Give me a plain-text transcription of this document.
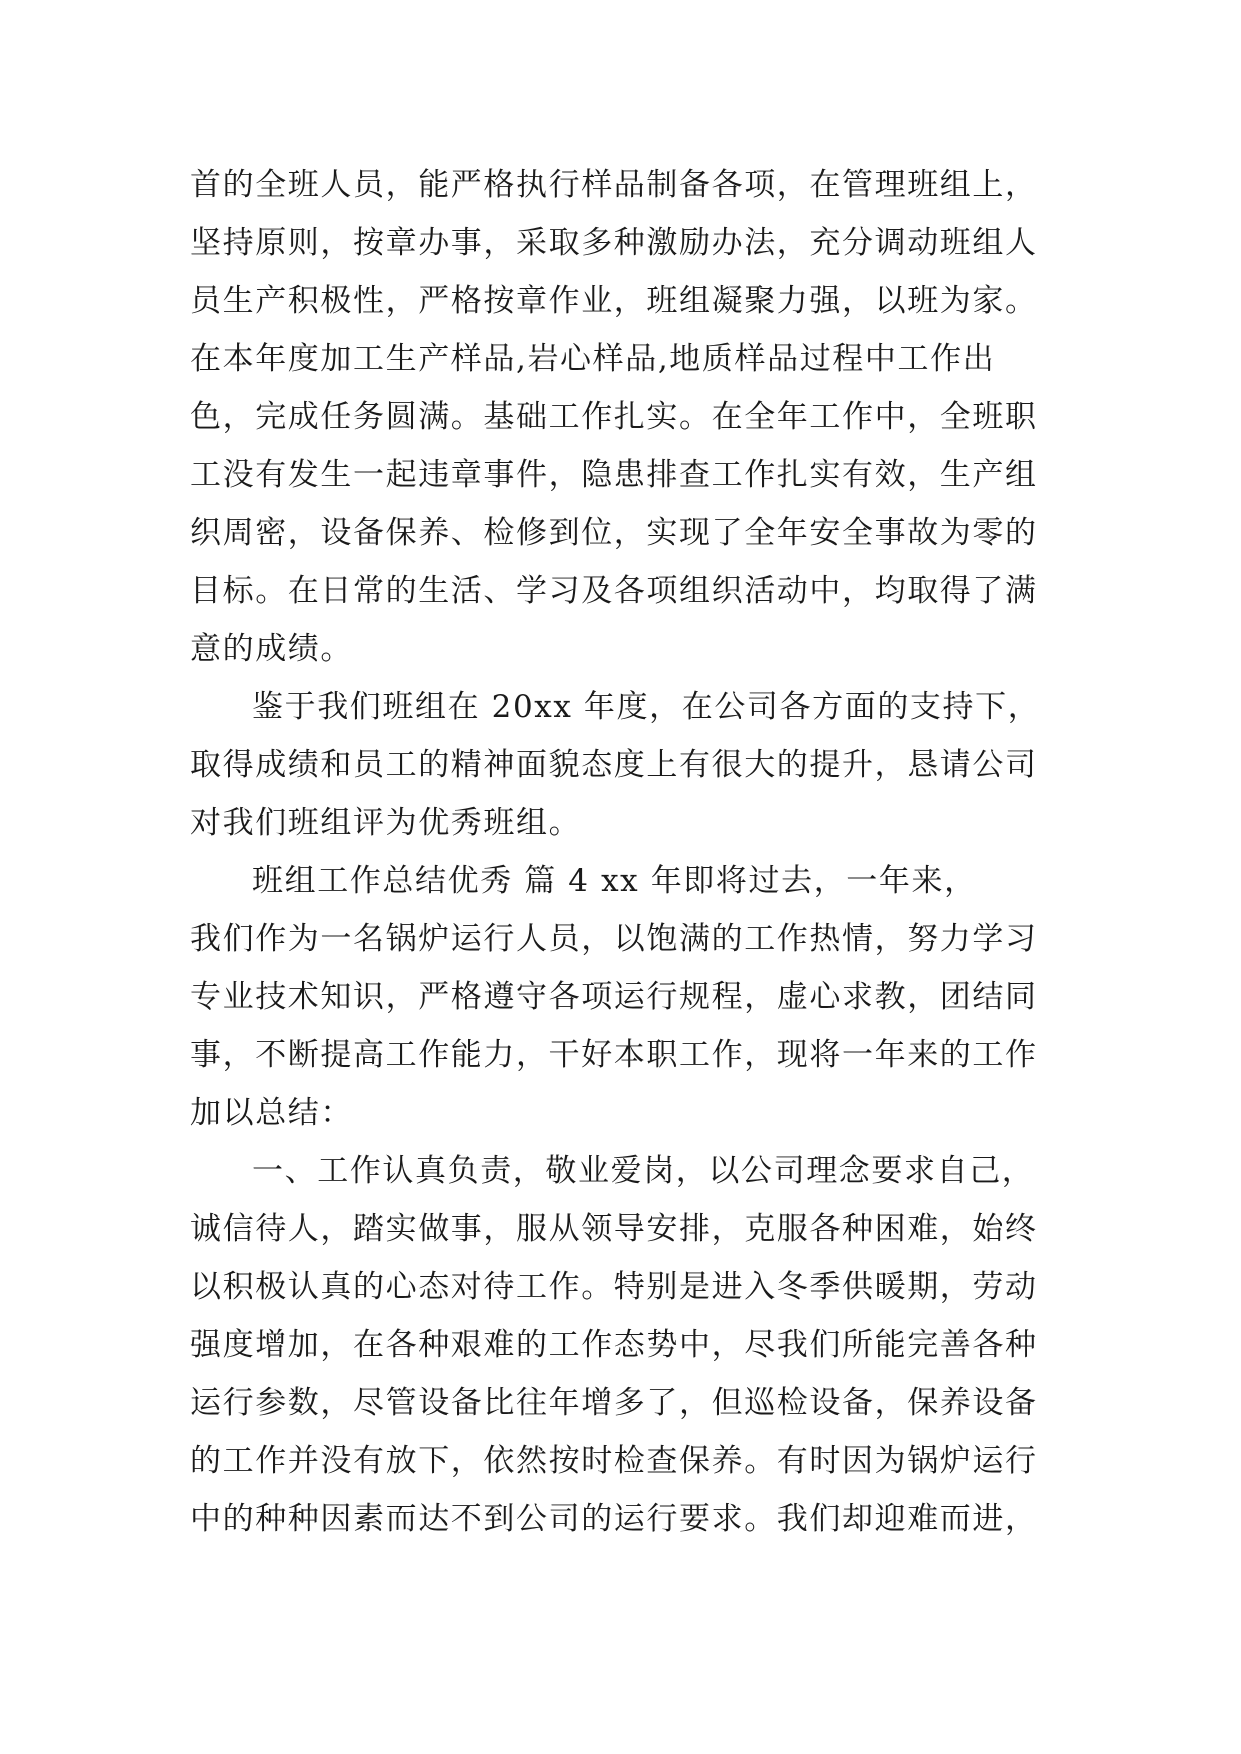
首的全班人员，能严格执行样品制备各项，在管理班组上，
坚持原则，按章办事，采取多种激励办法，充分调动班组人
员生产积极性，严格按章作业，班组凝聚力强，以班为家。
在本年度加工生产样品,岩心样品,地质样品过程中工作出
色，完成任务圆满。基础工作扎实。在全年工作中，全班职
工没有发生一起违章事件，隐患排查工作扎实有效，生产组
织周密，设备保养、检修到位，实现了全年安全事故为零的
目标。在日常的生活、学习及各项组织活动中，均取得了满
意的成绩。
鉴于我们班组在 20xx 年度，在公司各方面的支持下，
取得成绩和员工的精神面貌态度上有很大的提升，恳请公司
对我们班组评为优秀班组。
班组工作总结优秀 篇 4 xx 年即将过去，一年来，
我们作为一名锅炉运行人员，以饱满的工作热情，努力学习
专业技术知识，严格遵守各项运行规程，虚心求教，团结同
事，不断提高工作能力，干好本职工作，现将一年来的工作
加以总结：
一、工作认真负责，敬业爱岗，以公司理念要求自己，
诚信待人，踏实做事，服从领导安排，克服各种困难，始终
以积极认真的心态对待工作。特别是进入冬季供暖期，劳动
强度增加，在各种艰难的工作态势中，尽我们所能完善各种
运行参数，尽管设备比往年增多了，但巡检设备，保养设备
的工作并没有放下，依然按时检查保养。有时因为锅炉运行
中的种种因素而达不到公司的运行要求。我们却迎难而进，
